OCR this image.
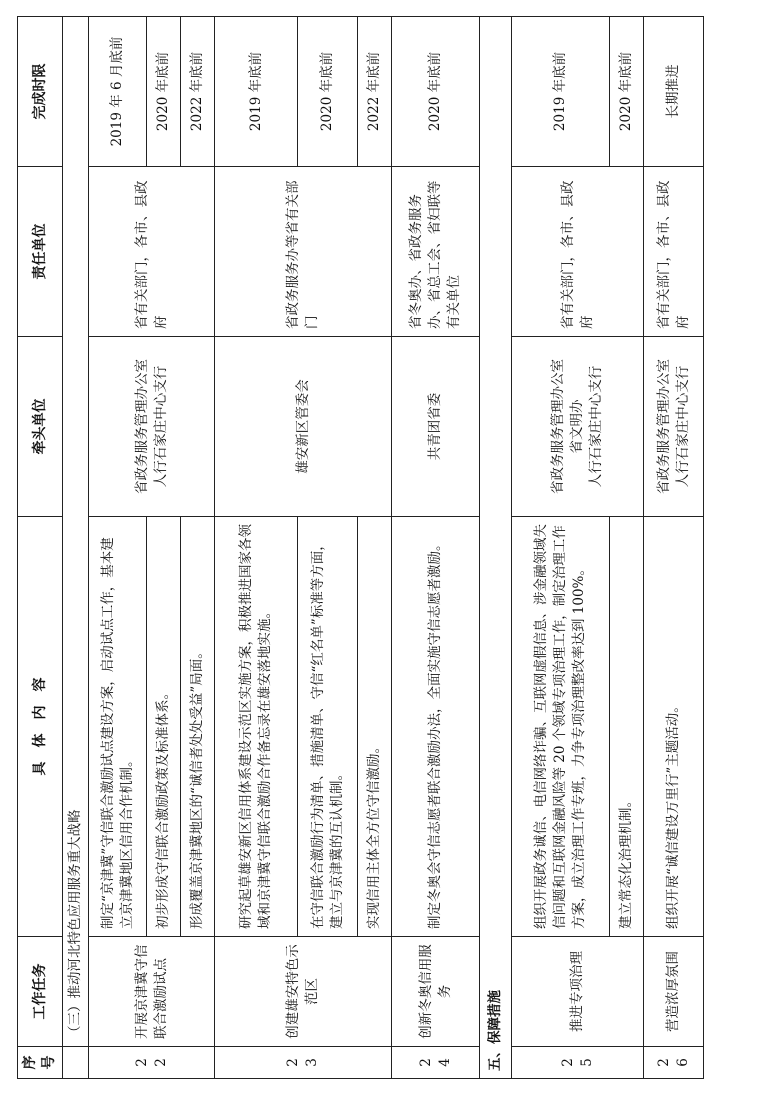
序号	工作任务	具　体　内　容	牵头单位	责任单位	完成时限
	（三）推动河北特色应用服务重大战略				
22	开展京津冀守信联合激励试点	制定“京津冀”守信联合激励试点建设方案，启动试点工作，基本建立京津冀地区信用合作机制。	省政务服务管理办公室
人行石家庄中心支行	省有关部门，各市、县政府	2019 年 6 月底前
		初步形成守信联合激励政策及标准体系。			2020 年底前
		形成覆盖京津冀地区的“诚信者处处受益”局面。			2022 年底前
23	创建雄安特色示范区	研究起草雄安新区信用体系建设示范区实施方案，积极推进国家各领域和京津冀守信联合激励合作备忘录在雄安落地实施。	雄安新区管委会	省政务服务办等省有关部门	2019 年底前
		在守信联合激励行为清单、措施清单、守信“红名单”标准等方面，建立与京津冀的互认机制。			2020 年底前
		实现信用主体全方位守信激励。			2022 年底前
24	创新冬奥信用服务	制定冬奥会守信志愿者联合激励办法，全面实施守信志愿者激励。	共青团省委	省冬奥办、省政务服务办、省总工会、省妇联等有关单位	2020 年底前
五、保障措施					
25	推进专项治理	组织开展政务诚信、电信网络诈骗、互联网虚假信息、涉金融领域失信问题和互联网金融风险等 20 个领域专项治理工作，制定治理工作方案，成立治理工作专班，力争专项治理整改率达到 100%。	省政务服务管理办公室
省文明办
人行石家庄中心支行	省有关部门，各市、县政府	2019 年底前
		建立常态化治理机制。			2020 年底前
26	营造浓厚氛围	组织开展“诚信建设万里行”主题活动。	省政务服务管理办公室
人行石家庄中心支行	省有关部门，各市、县政府	长期推进
